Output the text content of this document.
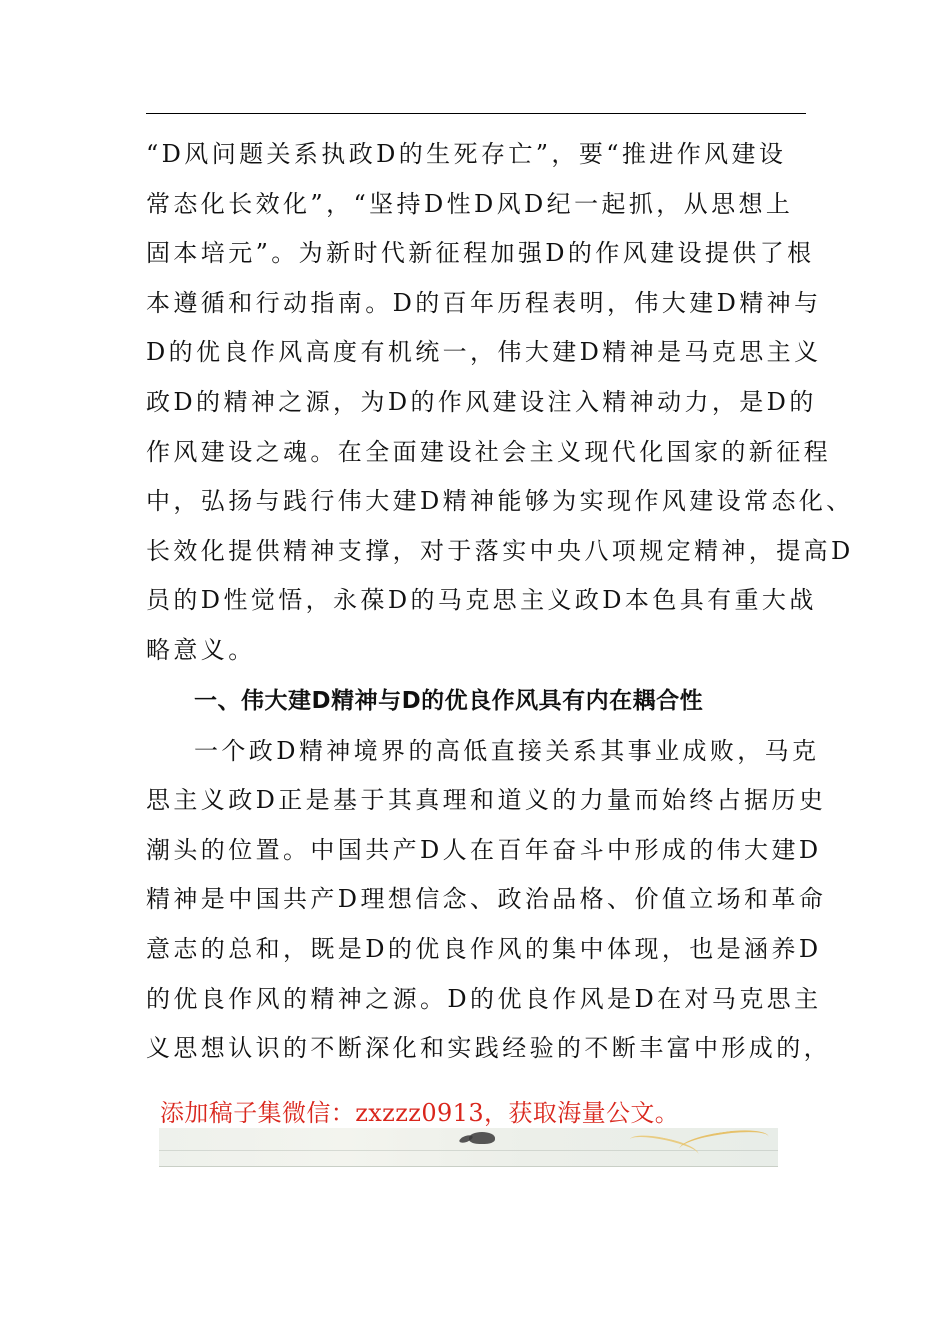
“D风问题关系执政D的生死存亡”，要“推进作风建设
常态化长效化”，“坚持D性D风D纪一起抓，从思想上
固本培元”。为新时代新征程加强D的作风建设提供了根
本遵循和行动指南。D的百年历程表明，伟大建D精神与
D的优良作风高度有机统一，伟大建D精神是马克思主义
政D的精神之源，为D的作风建设注入精神动力，是D的
作风建设之魂。在全面建设社会主义现代化国家的新征程
中，弘扬与践行伟大建D精神能够为实现作风建设常态化、
长效化提供精神支撑，对于落实中央八项规定精神，提高D
员的D性觉悟，永葆D的马克思主义政D本色具有重大战
略意义。
一、伟大建D精神与D的优良作风具有内在耦合性
一个政D精神境界的高低直接关系其事业成败，马克
思主义政D正是基于其真理和道义的力量而始终占据历史
潮头的位置。中国共产D人在百年奋斗中形成的伟大建D
精神是中国共产D理想信念、政治品格、价值立场和革命
意志的总和，既是D的优良作风的集中体现，也是涵养D
的优良作风的精神之源。D的优良作风是D在对马克思主
义思想认识的不断深化和实践经验的不断丰富中形成的，
添加稿子集微信：zxzzz0913，获取海量公文。
